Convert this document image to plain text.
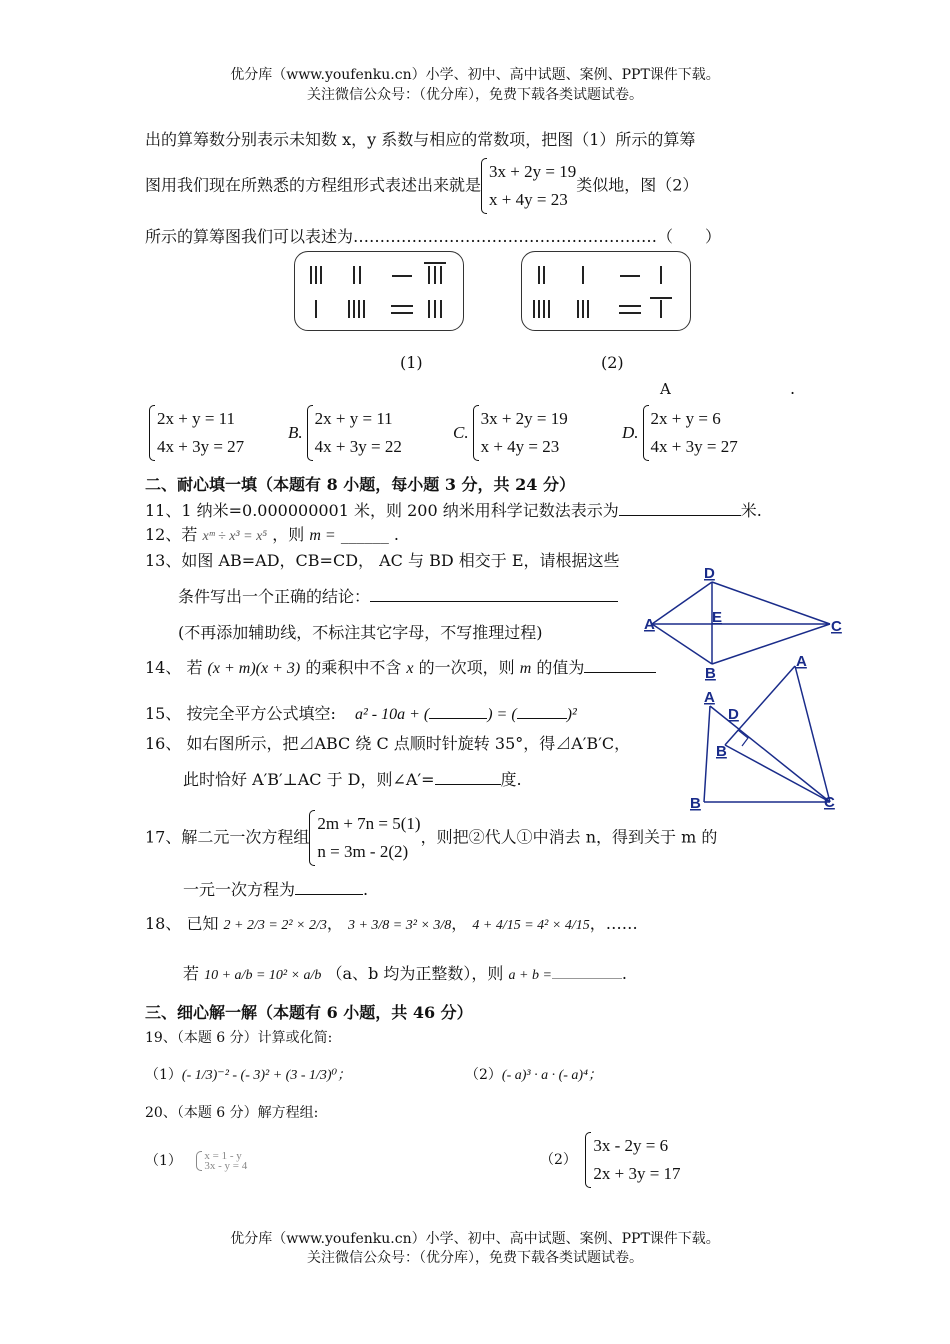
优分库（www.youfenku.cn）小学、初中、高中试题、案例、PPT课件下载。
关注微信公众号：（优分库），免费下载各类试题试卷。
出的算筹数分别表示未知数 x，y 系数与相应的常数项，把图（1）所示的算筹
图用我们现在所熟悉的方程组形式表述出来就是
3x + 2y = 19
x + 4y = 23
类似地，图（2）
所示的算筹图我们可以表述为…………………………………………………（　　）
(1)	(2)
A	.
2x + y = 11
4x + 3y = 27
B.
2x + y = 11
4x + 3y = 22
C.
3x + 2y = 19
x + 4y = 23
D.
2x + y = 6
4x + 3y = 27
二、耐心填一填（本题有 8 小题，每小题 3 分，共 24 分）
11、1 纳米=0.000000001 米，则 200 纳米用科学记数法表示为	米.
12、若 xᵐ ÷ x³ = x⁵ ，则 m = ______ .
13、如图 AB=AD，CB=CD， AC 与 BD 相交于 E，请根据这些
条件写出一个正确的结论：
(不再添加辅助线，不标注其它字母，不写推理过程)
14、 若 (x + m)(x + 3) 的乘积中不含 x 的一次项，则 m 的值为
15、 按完全平方公式填空: a² - 10a + (	) = (	)²
16、 如右图所示，把⊿ABC 绕 C 点顺时针旋转 35°，得⊿A′B′C，
此时恰好 A′B′⊥AC 于 D，则∠A′=	度.
17、解二元一次方程组
2m + 7n = 5(1)
n = 3m - 2(2)
，则把②代人①中消去 n，得到关于 m 的
一元一次方程为	.
18、 已知 2 + 2/3 = 2² × 2/3， 3 + 3/8 = 3² × 3/8， 4 + 4/15 = 4² × 4/15，……
若 10 + a/b = 10² × a/b （a、b 均为正整数），则 a + b =	.
D
A	E
C
B
A
A
D
B
B	C
三、细心解一解（本题有 6 小题，共 46 分）
19、（本题 6 分）计算或化简:
（1）(- 1/3)⁻² - (- 3)² + (3 - 1/3)⁰；	（2）(- a)³ · a · (- a)⁴；
20、（本题 6 分）解方程组:
（1） x = 1 - y
3x - y = 4	（2）
3x - 2y = 6
2x + 3y = 17
优分库（www.youfenku.cn）小学、初中、高中试题、案例、PPT课件下载。
关注微信公众号：（优分库），免费下载各类试题试卷。
